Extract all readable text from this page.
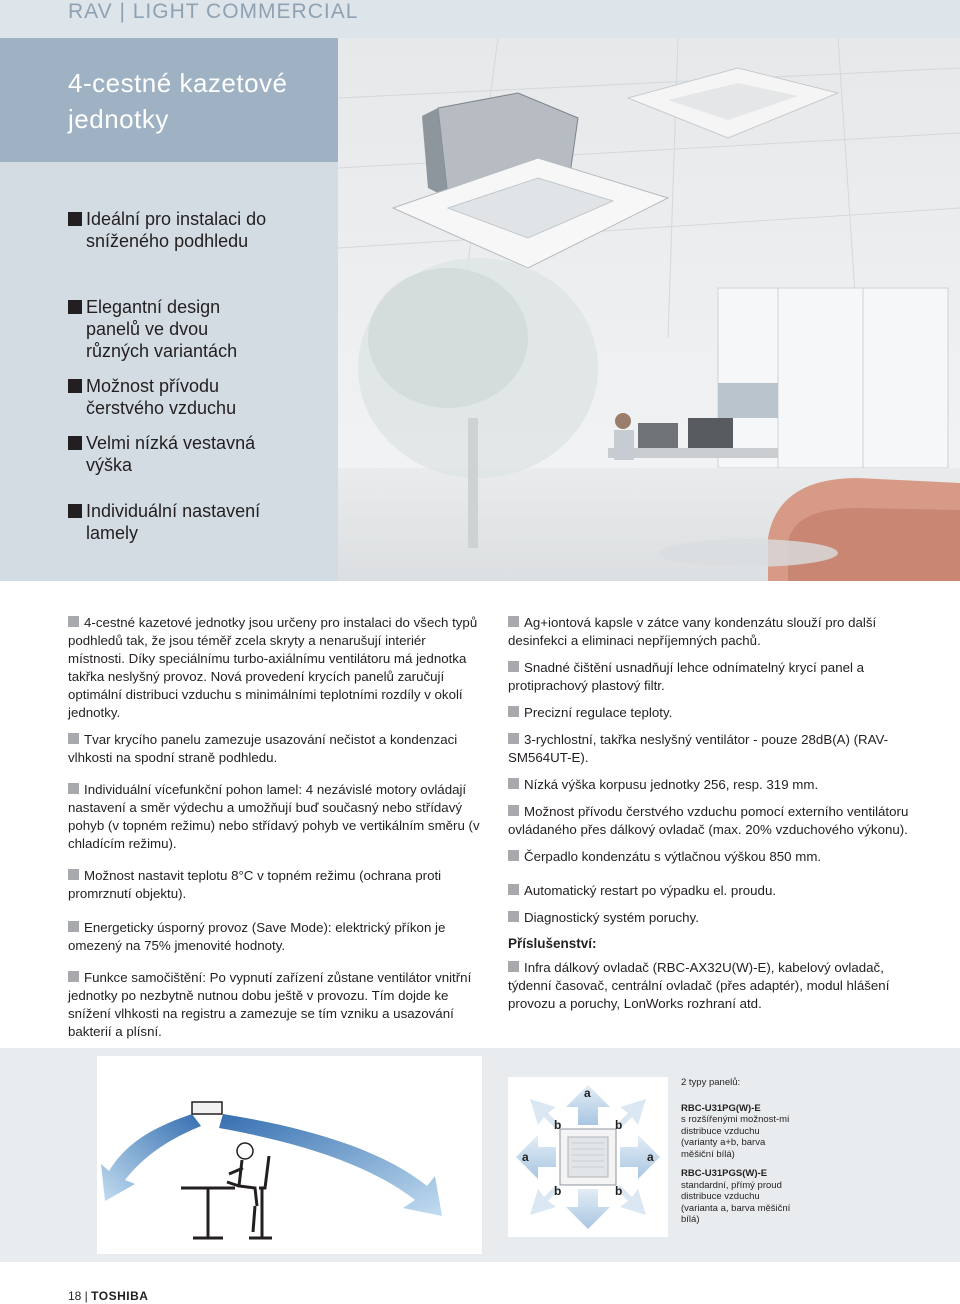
RAV | LIGHT COMMERCIAL
4-cestné kazetové
jednotky
Ideální pro instalaci do sníženého podhledu
Elegantní design panelů ve dvou různých variantách
Možnost přívodu čerstvého vzduchu
Velmi nízká vestavná výška
Individuální nastavení lamely

4-cestné kazetové jednotky jsou určeny pro instalaci do všech typů podhledů tak, že jsou téměř zcela skryty a nenarušují interiér místnosti. Díky speciálnímu turbo-axiálnímu ventilátoru má jednotka takřka neslyšný provoz. Nová provedení krycích panelů zaručují optimální distribuci vzduchu s minimálními teplotními rozdíly v okolí jednotky.

Tvar krycího panelu zamezuje usazování nečistot a kondenzaci vlhkosti na spodní straně podhledu.

Individuální vícefunkční pohon lamel: 4 nezávislé motory ovládají nastavení a směr výdechu a umožňují buď současný nebo střídavý pohyb (v topném režimu) nebo střídavý pohyb ve vertikálním směru (v chladícím režimu).

Možnost nastavit teplotu 8°C v topném režimu (ochrana proti promrznutí objektu).

Energeticky úsporný provoz (Save Mode): elektrický příkon je omezený na 75% jmenovité hodnoty.

Funkce samočištění: Po vypnutí zařízení zůstane ventilátor vnitřní jednotky po nezbytně nutnou dobu ještě v provozu. Tím dojde ke snížení vlhkosti na registru a zamezuje se tím vzniku a usazování bakterií a plísní.

Ag+iontová kapsle v zátce vany kondenzátu slouží pro další desinfekci a eliminaci nepříjemných pachů.

Snadné čištění usnadňují lehce odnímatelný krycí panel a protiprachový plastový filtr.

Precizní regulace teploty.

3-rychlostní, takřka neslyšný ventilátor - pouze 28dB(A) (RAV-SM564UT-E).

Nízká výška korpusu jednotky 256, resp. 319 mm.

Možnost přívodu čerstvého vzduchu pomocí externího ventilátoru ovládaného přes dálkový ovladač (max. 20% vzduchového výkonu).

Čerpadlo kondenzátu s výtlačnou výškou 850 mm.

Automatický restart po výpadku el. proudu.

Diagnostický systém poruchy.

Příslušenství:

Infra dálkový ovladač (RBC-AX32U(W)-E), kabelový ovladač, týdenní časovač, centrální ovladač (přes adaptér), modul hlášení provozu a poruchy, LonWorks rozhraní atd.

a
b	b
a	a
b	b
2 typy panelů:
RBC-U31PG(W)-E
s rozšířenými možnost-mi distribuce vzduchu (varianty a+b, barva měšiční bílá)
RBC-U31PGS(W)-E
standardní, přímý proud distribuce vzduchu (varianta a, barva měšiční bílá)
18 | TOSHIBA
